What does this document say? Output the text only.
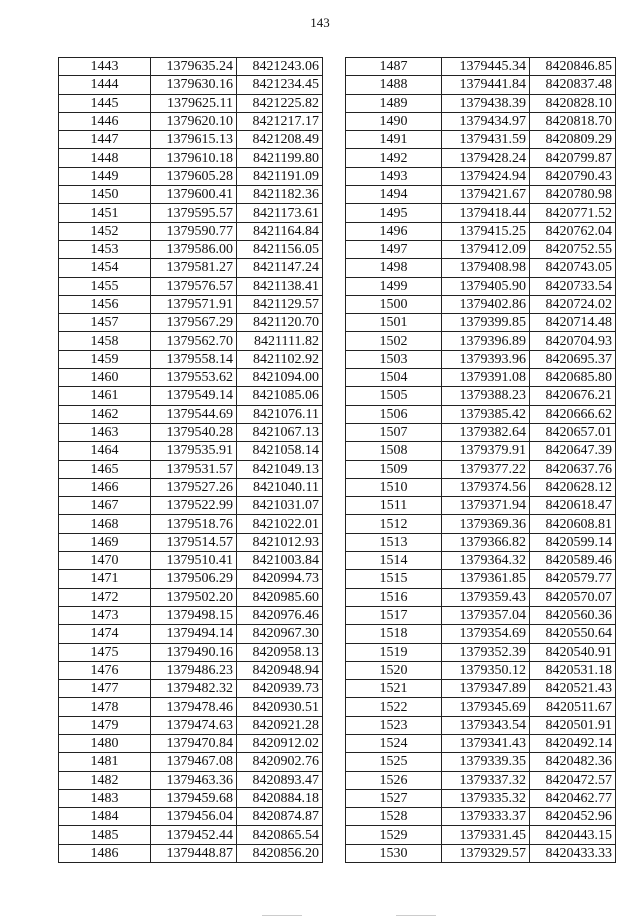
143
1443	1379635.24	8421243.06
1444	1379630.16	8421234.45
1445	1379625.11	8421225.82
1446	1379620.10	8421217.17
1447	1379615.13	8421208.49
1448	1379610.18	8421199.80
1449	1379605.28	8421191.09
1450	1379600.41	8421182.36
1451	1379595.57	8421173.61
1452	1379590.77	8421164.84
1453	1379586.00	8421156.05
1454	1379581.27	8421147.24
1455	1379576.57	8421138.41
1456	1379571.91	8421129.57
1457	1379567.29	8421120.70
1458	1379562.70	8421111.82
1459	1379558.14	8421102.92
1460	1379553.62	8421094.00
1461	1379549.14	8421085.06
1462	1379544.69	8421076.11
1463	1379540.28	8421067.13
1464	1379535.91	8421058.14
1465	1379531.57	8421049.13
1466	1379527.26	8421040.11
1467	1379522.99	8421031.07
1468	1379518.76	8421022.01
1469	1379514.57	8421012.93
1470	1379510.41	8421003.84
1471	1379506.29	8420994.73
1472	1379502.20	8420985.60
1473	1379498.15	8420976.46
1474	1379494.14	8420967.30
1475	1379490.16	8420958.13
1476	1379486.23	8420948.94
1477	1379482.32	8420939.73
1478	1379478.46	8420930.51
1479	1379474.63	8420921.28
1480	1379470.84	8420912.02
1481	1379467.08	8420902.76
1482	1379463.36	8420893.47
1483	1379459.68	8420884.18
1484	1379456.04	8420874.87
1485	1379452.44	8420865.54
1486	1379448.87	8420856.20
1487	1379445.34	8420846.85
1488	1379441.84	8420837.48
1489	1379438.39	8420828.10
1490	1379434.97	8420818.70
1491	1379431.59	8420809.29
1492	1379428.24	8420799.87
1493	1379424.94	8420790.43
1494	1379421.67	8420780.98
1495	1379418.44	8420771.52
1496	1379415.25	8420762.04
1497	1379412.09	8420752.55
1498	1379408.98	8420743.05
1499	1379405.90	8420733.54
1500	1379402.86	8420724.02
1501	1379399.85	8420714.48
1502	1379396.89	8420704.93
1503	1379393.96	8420695.37
1504	1379391.08	8420685.80
1505	1379388.23	8420676.21
1506	1379385.42	8420666.62
1507	1379382.64	8420657.01
1508	1379379.91	8420647.39
1509	1379377.22	8420637.76
1510	1379374.56	8420628.12
1511	1379371.94	8420618.47
1512	1379369.36	8420608.81
1513	1379366.82	8420599.14
1514	1379364.32	8420589.46
1515	1379361.85	8420579.77
1516	1379359.43	8420570.07
1517	1379357.04	8420560.36
1518	1379354.69	8420550.64
1519	1379352.39	8420540.91
1520	1379350.12	8420531.18
1521	1379347.89	8420521.43
1522	1379345.69	8420511.67
1523	1379343.54	8420501.91
1524	1379341.43	8420492.14
1525	1379339.35	8420482.36
1526	1379337.32	8420472.57
1527	1379335.32	8420462.77
1528	1379333.37	8420452.96
1529	1379331.45	8420443.15
1530	1379329.57	8420433.33
